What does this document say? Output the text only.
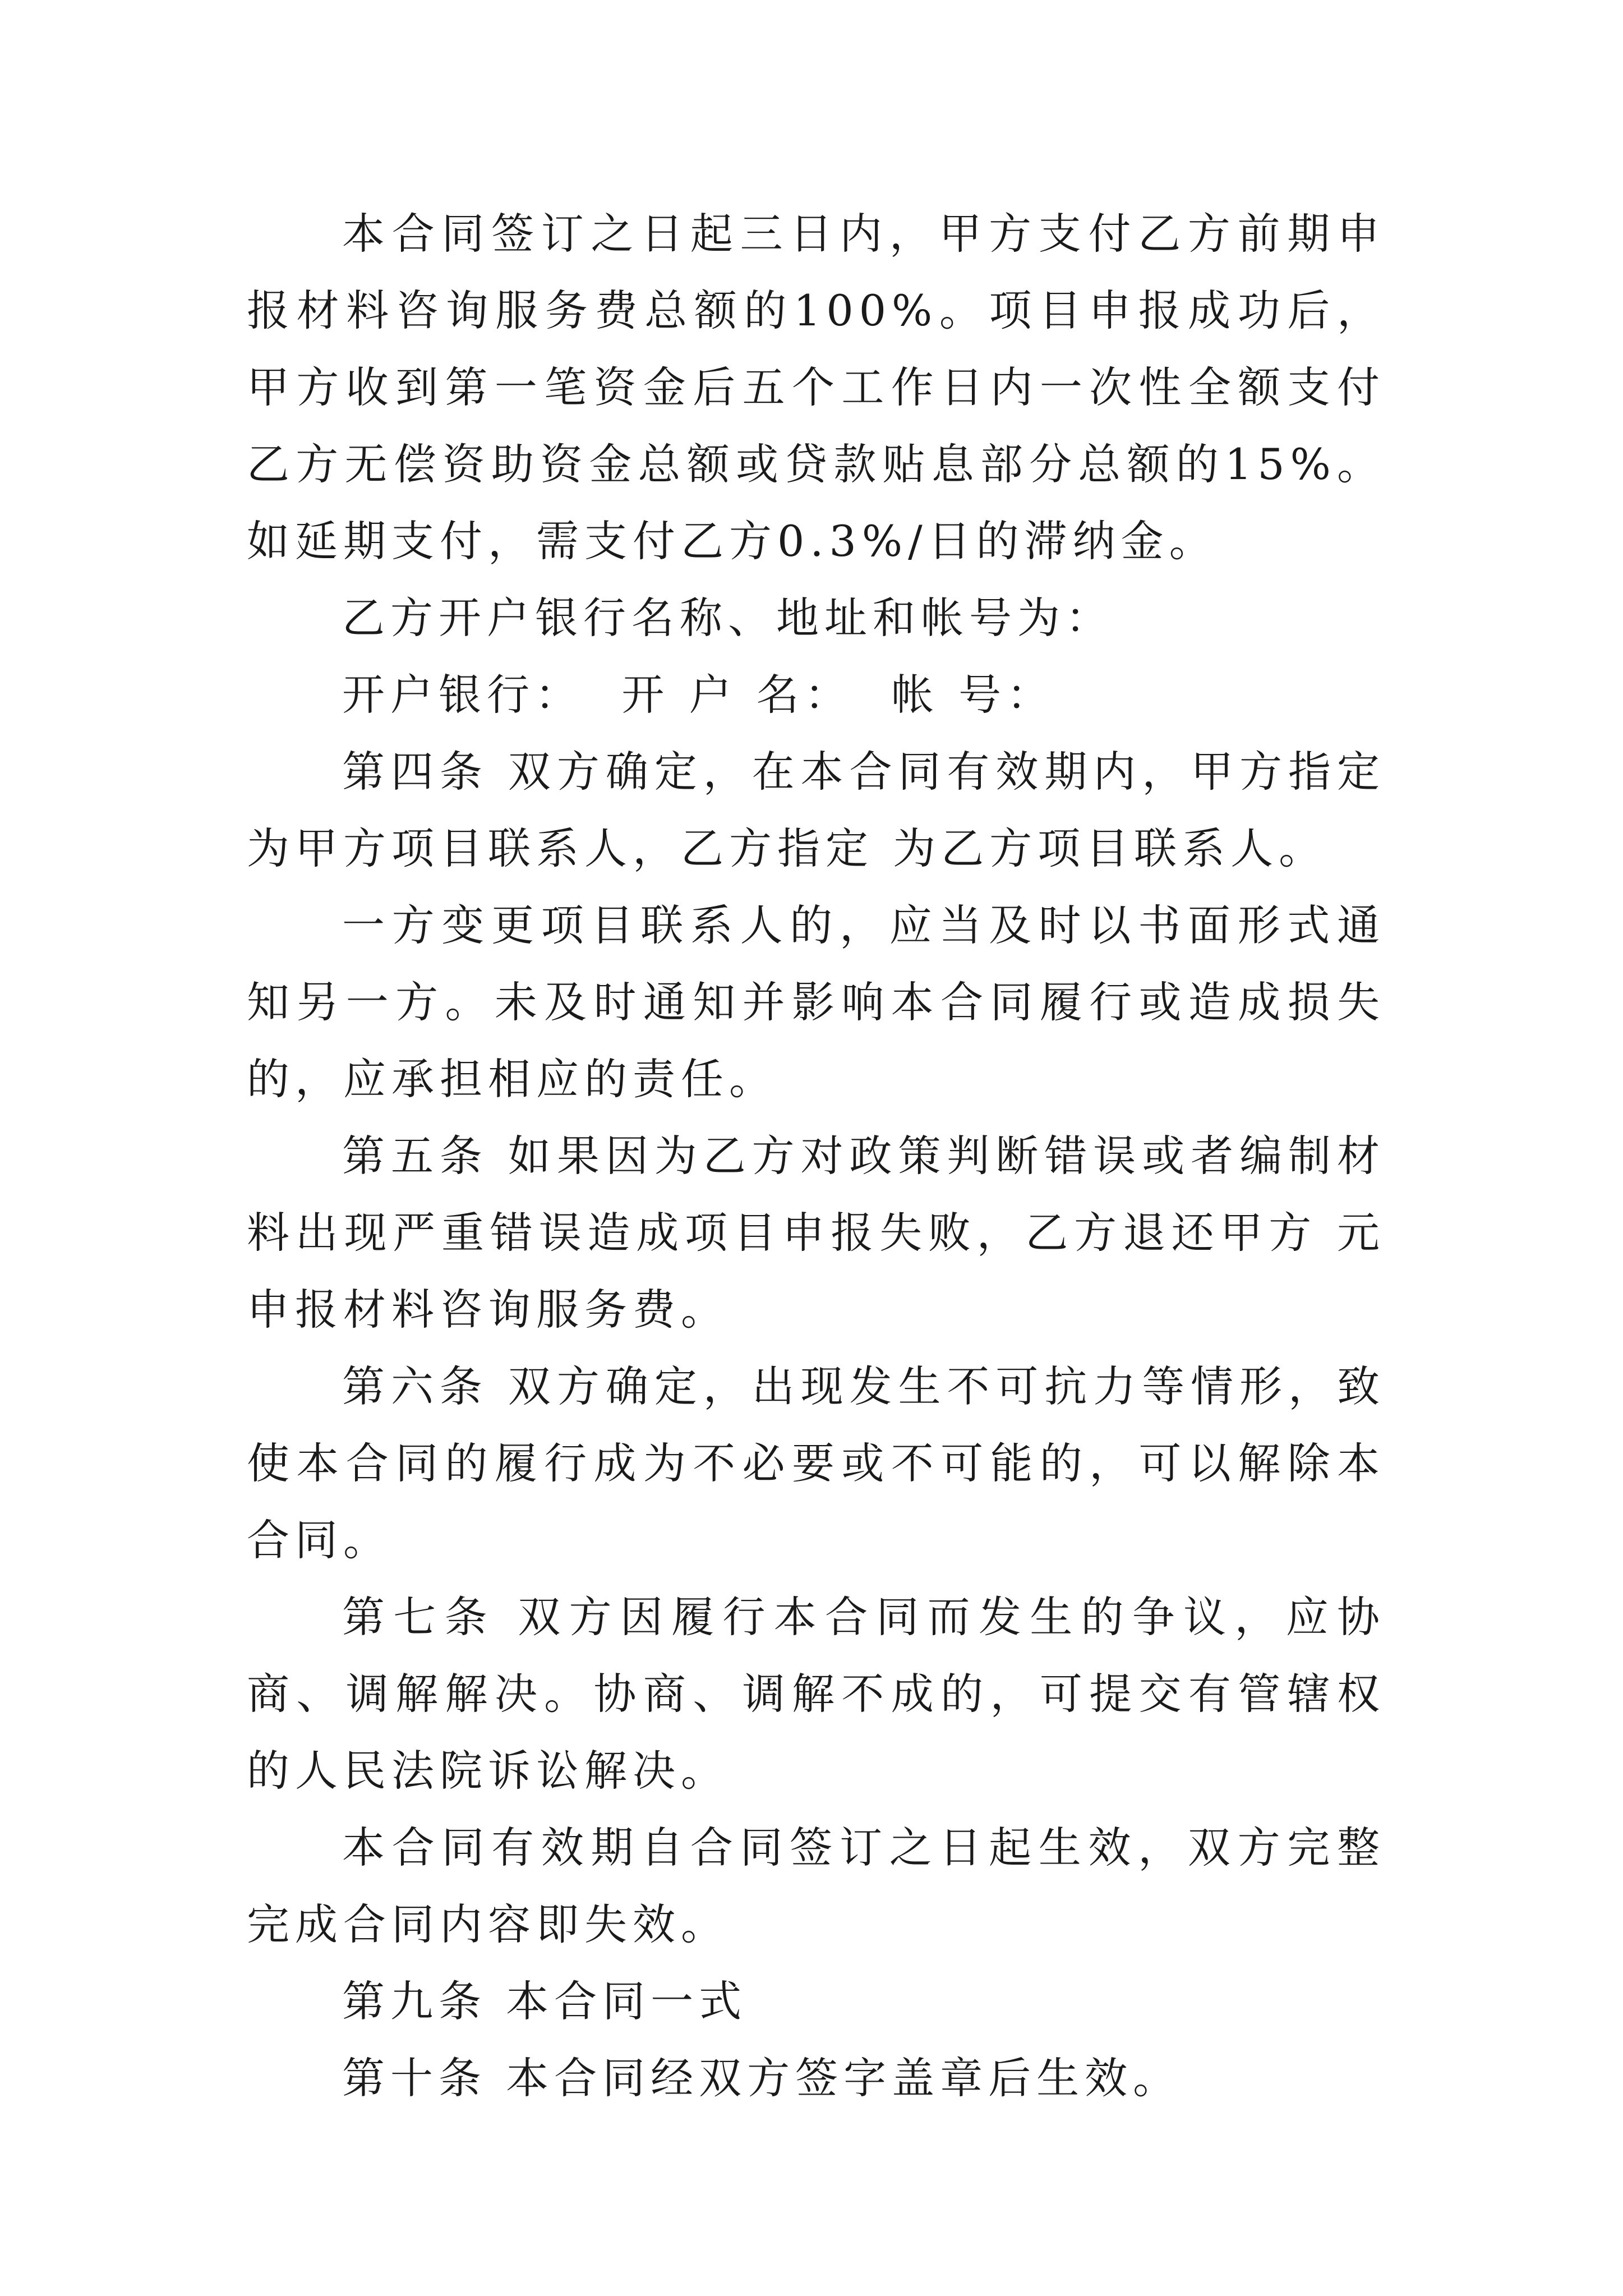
本合同签订之日起三日内，甲方支付乙方前期申报材料咨询服务费总额的100%。项目申报成功后，甲方收到第一笔资金后五个工作日内一次性全额支付乙方无偿资助资金总额或贷款贴息部分总额的15%。如延期支付，需支付乙方0.3%/日的滞纳金。

乙方开户银行名称、地址和帐号为：

开户银行：  开 户 名：  帐 号：

第四条 双方确定，在本合同有效期内，甲方指定为甲方项目联系人，乙方指定 为乙方项目联系人。

一方变更项目联系人的，应当及时以书面形式通知另一方。未及时通知并影响本合同履行或造成损失的，应承担相应的责任。

第五条 如果因为乙方对政策判断错误或者编制材料出现严重错误造成项目申报失败，乙方退还甲方 元申报材料咨询服务费。

第六条 双方确定，出现发生不可抗力等情形，致使本合同的履行成为不必要或不可能的，可以解除本合同。

第七条 双方因履行本合同而发生的争议，应协商、调解解决。协商、调解不成的，可提交有管辖权的人民法院诉讼解决。

本合同有效期自合同签订之日起生效，双方完整完成合同内容即失效。

第九条 本合同一式

第十条 本合同经双方签字盖章后生效。
